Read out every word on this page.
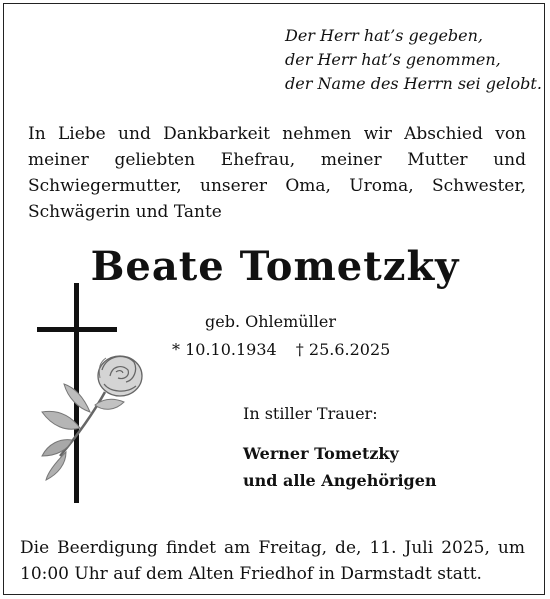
Der Herr hat’s gegeben,
der Herr hat’s genommen,
der Name des Herrn sei gelobt.
In Liebe und Dankbarkeit nehmen wir Abschied von meiner geliebten Ehefrau, meiner Mutter und Schwiegermutter, unserer Oma, Uroma, Schwester, Schwägerin und Tante
Beate Tometzky
geb. Ohlemüller
* 10.10.1934 † 25.6.2025
In stiller Trauer:
Werner Tometzky
und alle Angehörigen
Die Beerdigung findet am Freitag, de, 11. Juli 2025, um 10:00 Uhr auf dem Alten Friedhof in Darmstadt statt.
